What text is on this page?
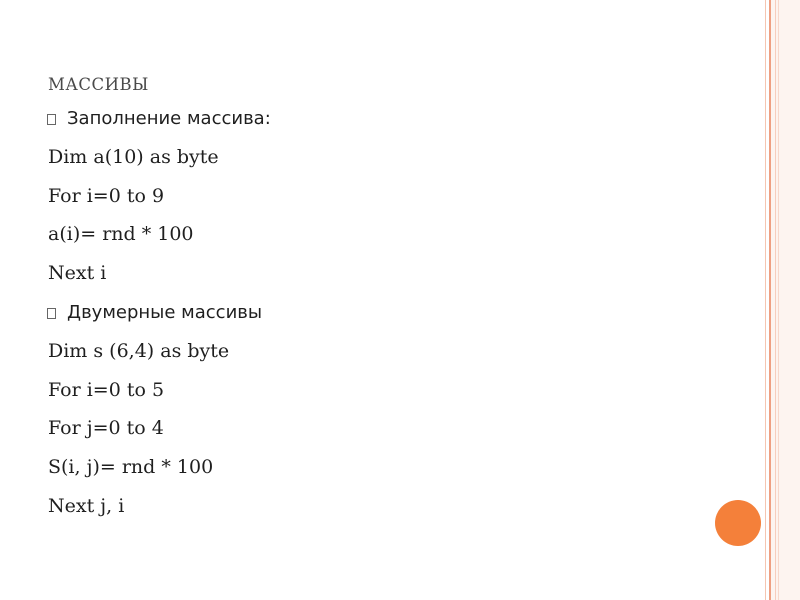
МАССИВЫ
Заполнение массива:
Dim a(10) as byte
For i=0 to 9
a(i)= rnd * 100
Next i
Двумерные массивы
Dim s (6,4) as byte
For i=0 to 5
For j=0 to 4
S(i, j)= rnd * 100
Next j, i
